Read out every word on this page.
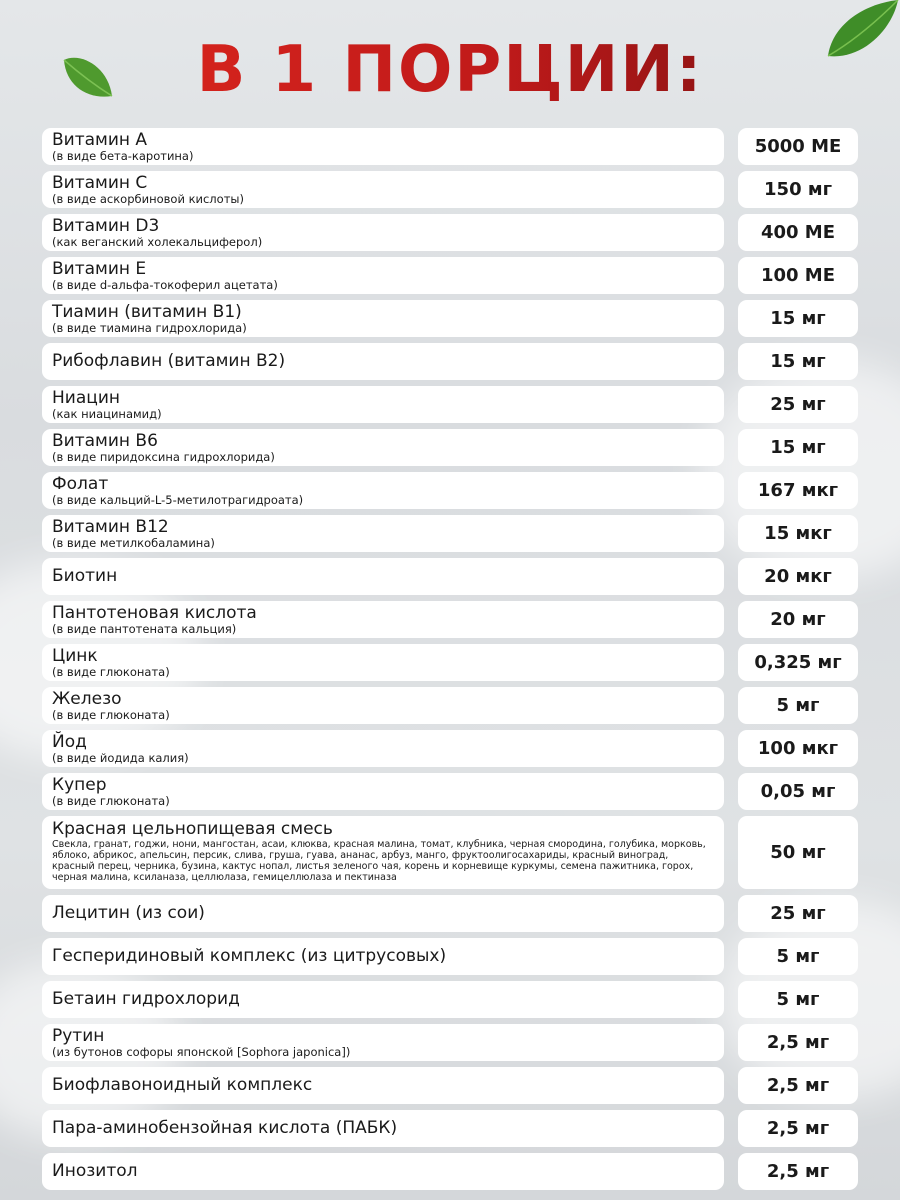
В 1 ПОРЦИИ:
Витамин А
(в виде бета-каротина)	5000 МЕ
Витамин С
(в виде аскорбиновой кислоты)	150 мг
Витамин D3
(как веганский холекальциферол)	400 МЕ
Витамин Е
(в виде d-альфа-токоферил ацетата)	100 МЕ
Тиамин (витамин В1)
(в виде тиамина гидрохлорида)	15 мг
Рибофлавин (витамин В2)	15 мг
Ниацин
(как ниацинамид)	25 мг
Витамин В6
(в виде пиридоксина гидрохлорида)	15 мг
Фолат
(в виде кальций-L-5-метилотрагидроата)	167 мкг
Витамин В12
(в виде метилкобаламина)	15 мкг
Биотин	20 мкг
Пантотеновая кислота
(в виде пантотената кальция)	20 мг
Цинк
(в виде глюконата)	0,325 мг
Железо
(в виде глюконата)	5 мг
Йод
(в виде йодида калия)	100 мкг
Купер
(в виде глюконата)	0,05 мг
Красная цельнопищевая смесь
Свекла, гранат, годжи, нони, мангостан, асаи, клюква, красная малина, томат, клубника, черная смородина, голубика, морковь, яблоко, абрикос, апельсин, персик, слива, груша, гуава, ананас, арбуз, манго, фруктоолигосахариды, красный виноград, красный перец, черника, бузина, кактус нопал, листья зеленого чая, корень и корневище куркумы, семена пажитника, горох, черная малина, ксиланаза, целлюлаза, гемицеллюлаза и пектиназа
50 мг
Лецитин (из сои)	25 мг
Гесперидиновый комплекс (из цитрусовых)	5 мг
Бетаин гидрохлорид	5 мг
Рутин
(из бутонов софоры японской [Sophora japonica])	2,5 мг
Биофлавоноидный комплекс	2,5 мг
Пара-аминобензойная кислота (ПАБК)	2,5 мг
Инозитол	2,5 мг
